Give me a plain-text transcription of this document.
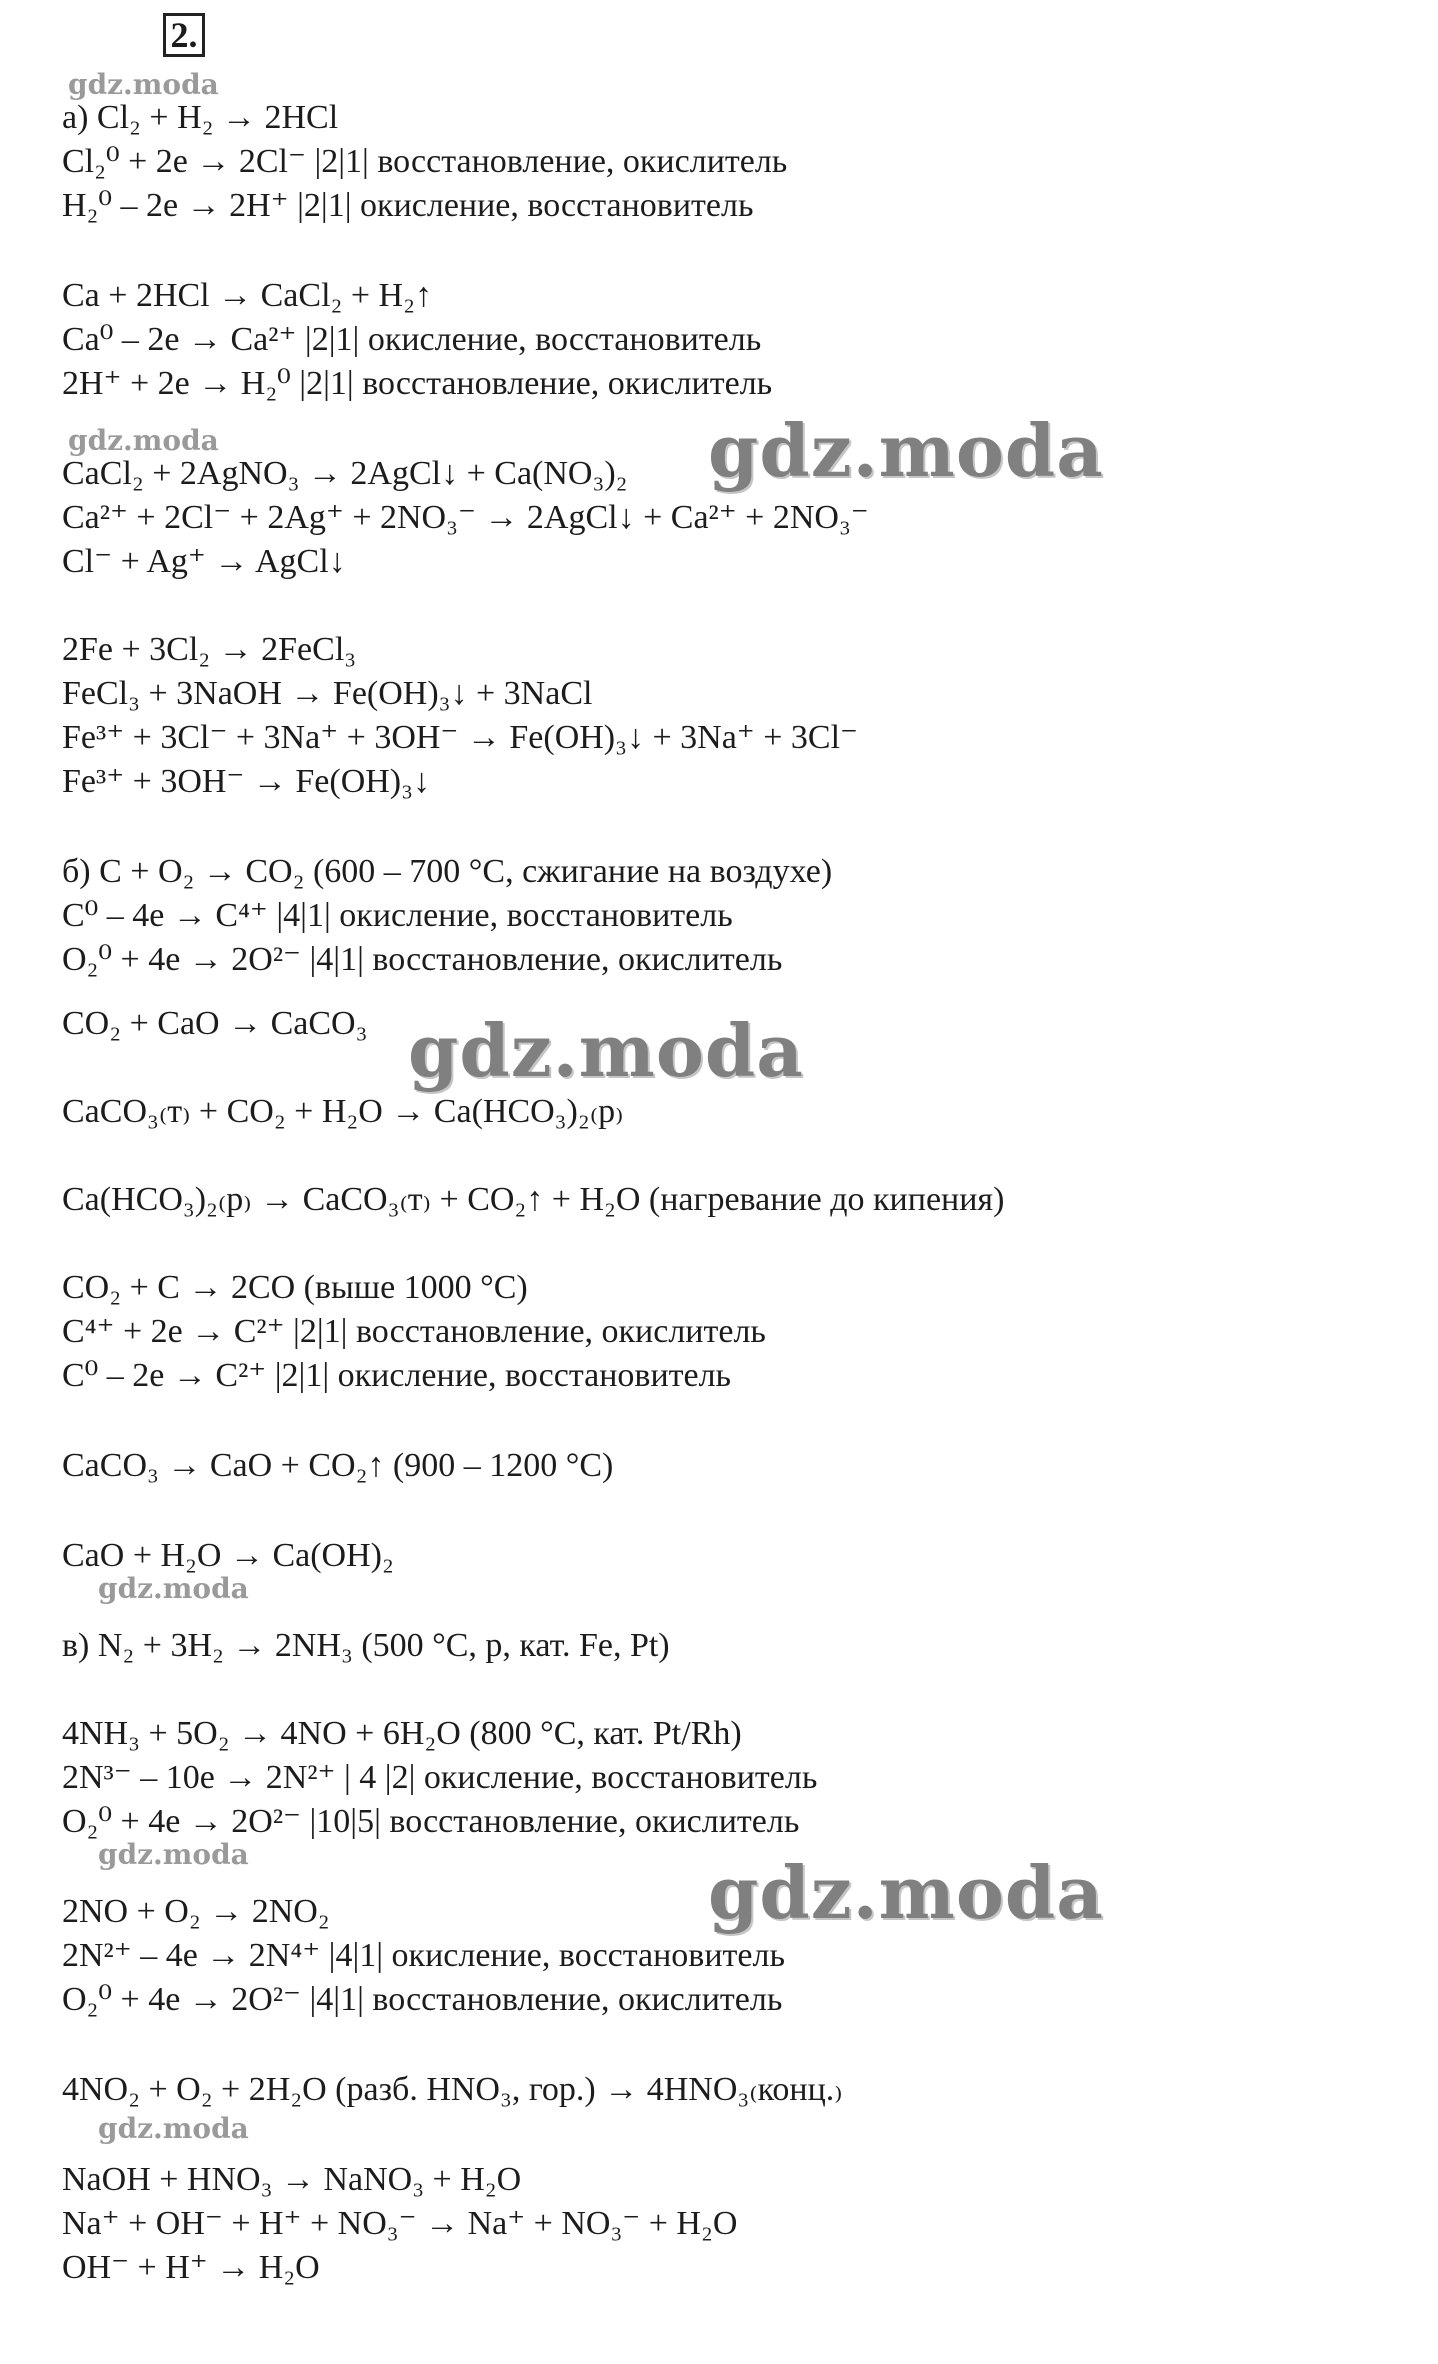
2.
gdz.moda
gdz.moda
gdz.moda
gdz.moda
gdz.moda
gdz.moda
gdz.moda
gdz.moda
а) Cl₂ + H₂ → 2HCl
Cl₂⁰ + 2e → 2Cl⁻ |2|1| восстановление, окислитель
H₂⁰ – 2e → 2H⁺ |2|1| окисление, восстановитель
Ca + 2HCl → CaCl₂ + H₂↑
Ca⁰ – 2e → Ca²⁺ |2|1| окисление, восстановитель
2H⁺ + 2e → H₂⁰ |2|1| восстановление, окислитель
CaCl₂ + 2AgNO₃ → 2AgCl↓ + Ca(NO₃)₂
Ca²⁺ + 2Cl⁻ + 2Ag⁺ + 2NO₃⁻ → 2AgCl↓ + Ca²⁺ + 2NO₃⁻
Cl⁻ + Ag⁺ → AgCl↓
2Fe + 3Cl₂ → 2FeCl₃
FeCl₃ + 3NaOH → Fe(OH)₃↓ + 3NaCl
Fe³⁺ + 3Cl⁻ + 3Na⁺ + 3OH⁻ → Fe(OH)₃↓ + 3Na⁺ + 3Cl⁻
Fe³⁺ + 3OH⁻ → Fe(OH)₃↓
б) C + O₂ → CO₂ (600 – 700 °C, сжигание на воздухе)
C⁰ – 4e → C⁴⁺ |4|1| окисление, восстановитель
O₂⁰ + 4e → 2O²⁻ |4|1| восстановление, окислитель
CO₂ + CaO → CaCO₃
CaCO₃₍т₎ + CO₂ + H₂O → Ca(HCO₃)₂₍р₎
Ca(HCO₃)₂₍р₎ → CaCO₃₍т₎ + CO₂↑ + H₂O (нагревание до кипения)
CO₂ + C → 2CO (выше 1000 °C)
C⁴⁺ + 2e → C²⁺ |2|1| восстановление, окислитель
C⁰ – 2e → C²⁺ |2|1| окисление, восстановитель
CaCO₃ → CaO + CO₂↑ (900 – 1200 °C)
CaO + H₂O → Ca(OH)₂
в) N₂ + 3H₂ → 2NH₃ (500 °C, p, кат. Fe, Pt)
4NH₃ + 5O₂ → 4NO + 6H₂O (800 °C, кат. Pt/Rh)
2N³⁻ – 10e → 2N²⁺ | 4 |2| окисление, восстановитель
O₂⁰ + 4e → 2O²⁻ |10|5| восстановление, окислитель
2NO + O₂ → 2NO₂
2N²⁺ – 4e → 2N⁴⁺ |4|1| окисление, восстановитель
O₂⁰ + 4e → 2O²⁻ |4|1| восстановление, окислитель
4NO₂ + O₂ + 2H₂O (разб. HNO₃, гор.) → 4HNO₃₍конц.₎
NaOH + HNO₃ → NaNO₃ + H₂O
Na⁺ + OH⁻ + H⁺ + NO₃⁻ → Na⁺ + NO₃⁻ + H₂O
OH⁻ + H⁺ → H₂O
